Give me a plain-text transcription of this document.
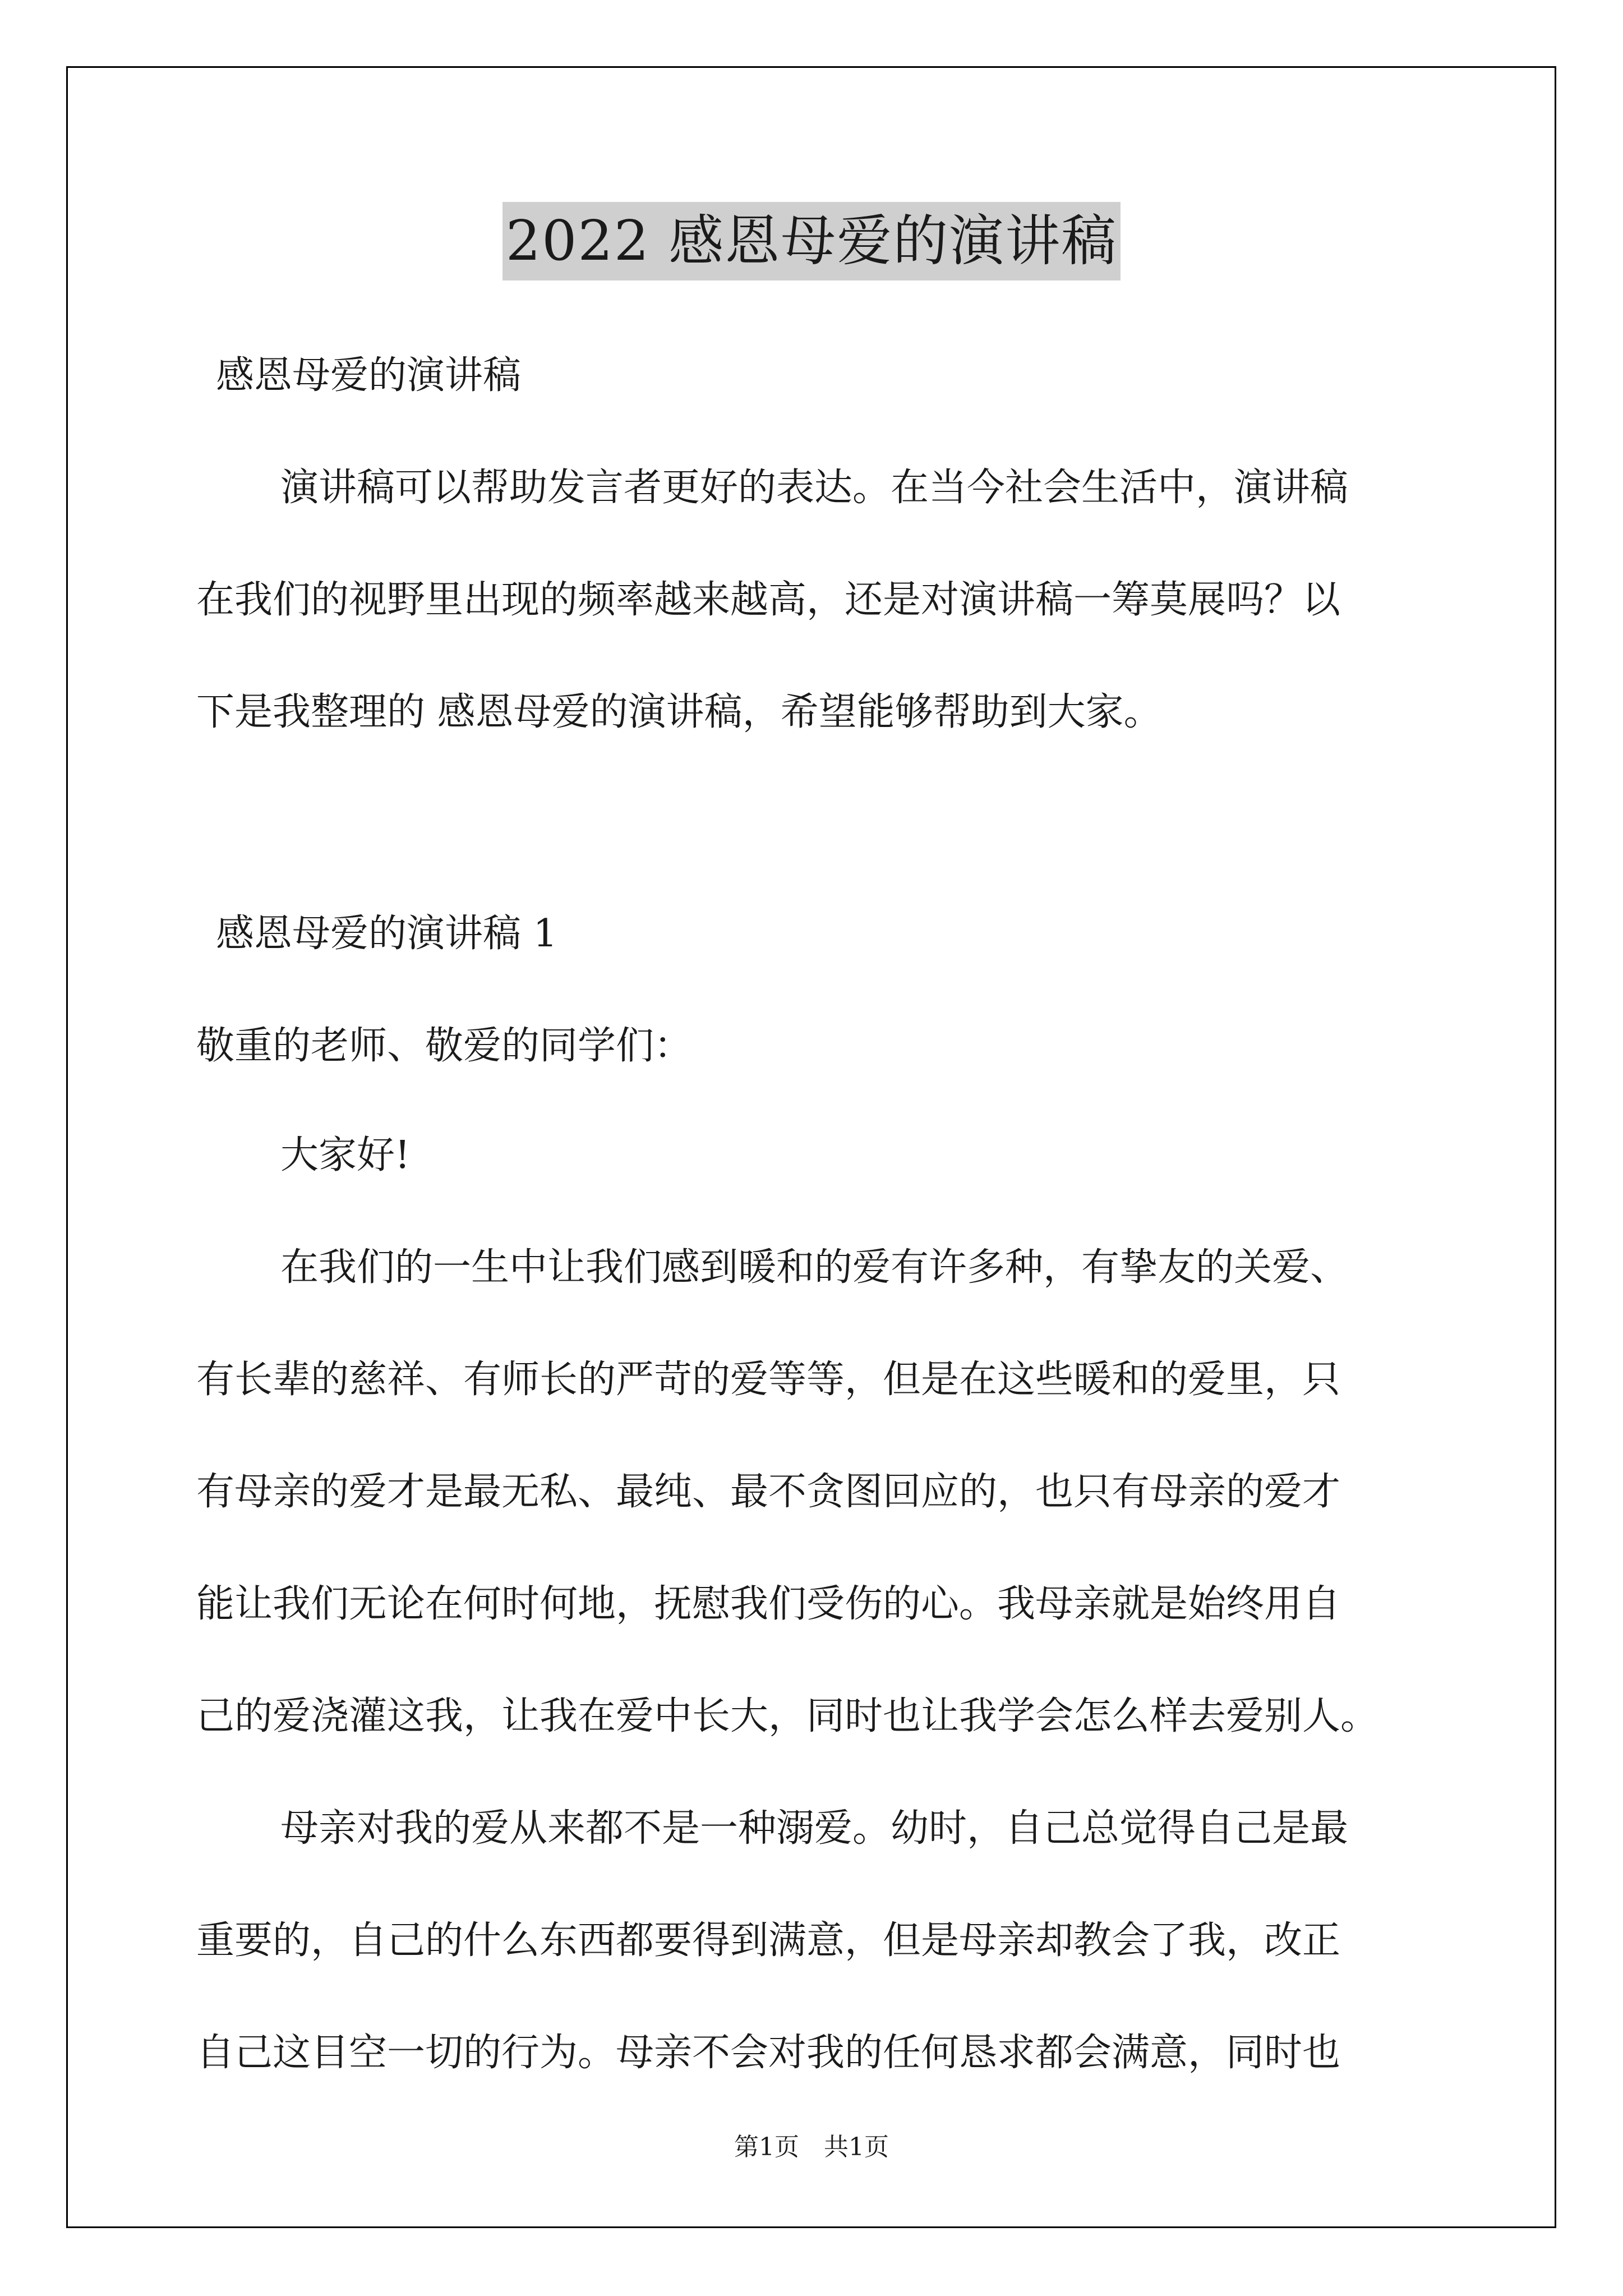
2022 感恩母爱的演讲稿
感恩母爱的演讲稿
演讲稿可以帮助发言者更好的表达。在当今社会生活中，演讲稿
在我们的视野里出现的频率越来越高，还是对演讲稿一筹莫展吗？以
下是我整理的 感恩母爱的演讲稿，希望能够帮助到大家。
感恩母爱的演讲稿 1
敬重的老师、敬爱的同学们：
大家好!
在我们的一生中让我们感到暖和的爱有许多种，有挚友的关爱、
有长辈的慈祥、有师长的严苛的爱等等，但是在这些暖和的爱里，只
有母亲的爱才是最无私、最纯、最不贪图回应的，也只有母亲的爱才
能让我们无论在何时何地，抚慰我们受伤的心。我母亲就是始终用自
己的爱浇灌这我，让我在爱中长大，同时也让我学会怎么样去爱别人。
母亲对我的爱从来都不是一种溺爱。幼时，自己总觉得自己是最
重要的，自己的什么东西都要得到满意，但是母亲却教会了我，改正
自己这目空一切的行为。母亲不会对我的任何恳求都会满意，同时也
第1页　共1页
